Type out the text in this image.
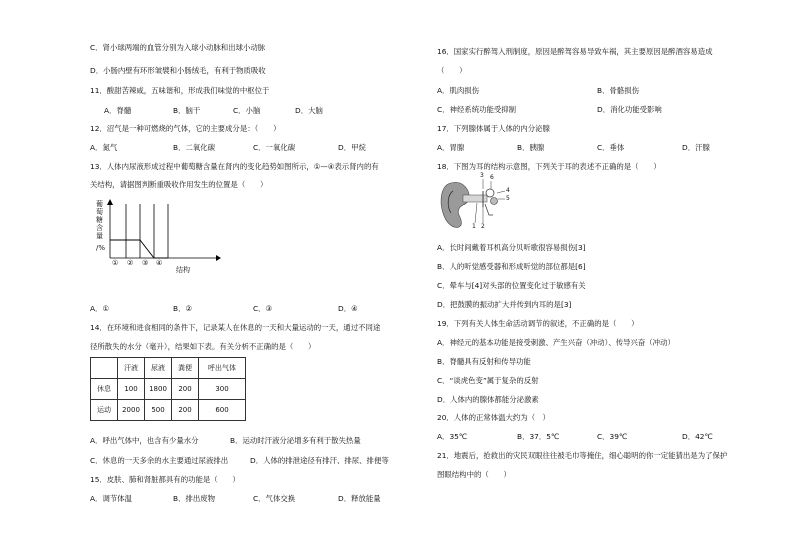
C．肾小球两端的血管分别为入球小动脉和出球小动脉
D．小肠内壁有环形皱襞和小肠绒毛，有利于物质吸收
11．酸甜苦辣咸，五味谐和，形成我们味觉的中枢位于
A．脊髓	B．脑干	C．小脑	D．大脑
12．沼气是一种可燃烧的气体，它的主要成分是：（　　）
A．氮气	B．二氧化碳	C．一氧化碳	D．甲烷
13．人体内尿液形成过程中葡萄糖含量在肾内的变化趋势如图所示，①—④表示肾内的有
关结构，请据图判断重吸收作用发生的位置是（　　）
葡
萄
糖
含
量
/%
① ② ③ ④
结构
A．①	B．②	C．③	D．④
14．在环境和进食相同的条件下，记录某人在休息的一天和大量运动的一天，通过不同途
径所散失的水分（毫升），结果如下表。有关分析不正确的是（　　）
	汗液	尿液	粪便	呼出气体
休息	100	1800	200	300
运动	2000	500	200	600
A．呼出气体中，也含有少量水分	B．运动时汗液分泌增多有利于散失热量
C．休息的一天多余的水主要通过尿液排出	D．人体的排泄途径有排汗、排尿、排便等
15．皮肤、肺和肾脏都具有的功能是（　　）
A．调节体温	B．排出废物	C．气体交换	D．释放能量
16．国家实行醉驾入刑制度，原因是醉驾容易导致车祸，其主要原因是醉酒容易造成
（　　）
A．肌肉损伤	B．骨骼损伤
C．神经系统功能受抑制	D．消化功能受影响
17．下列腺体属于人体的内分泌腺
A．胃腺	B．胰腺	C．垂体	D．汗腺
18．下图为耳的结构示意图，下列关于耳的表述不正确的是（　　）
3
4
5
6
1 2
A．长时间戴着耳机高分贝听歌很容易损伤[3]
B．人的听觉感受器和形成听觉的部位都是[6]
C．晕车与[4]对头部的位置变化过于敏感有关
D．把鼓膜的振动扩大并传到内耳的是[3]
19．下列有关人体生命活动调节的叙述，不正确的是（　　）
A．神经元的基本功能是接受刺激、产生兴奋（冲动）、传导兴奋（冲动）
B．脊髓具有反射和传导功能
C．“谈虎色变”属于复杂的反射
D．人体内的腺体都能分泌激素
20．人体的正常体温大约为（　）
A．35℃	B．37．5℃	C．39℃	D．42℃
21．地震后，抢救出的灾民双眼往往被毛巾等掩住，细心聪明的你一定能猜出是为了保护
图眼结构中的（　　）
